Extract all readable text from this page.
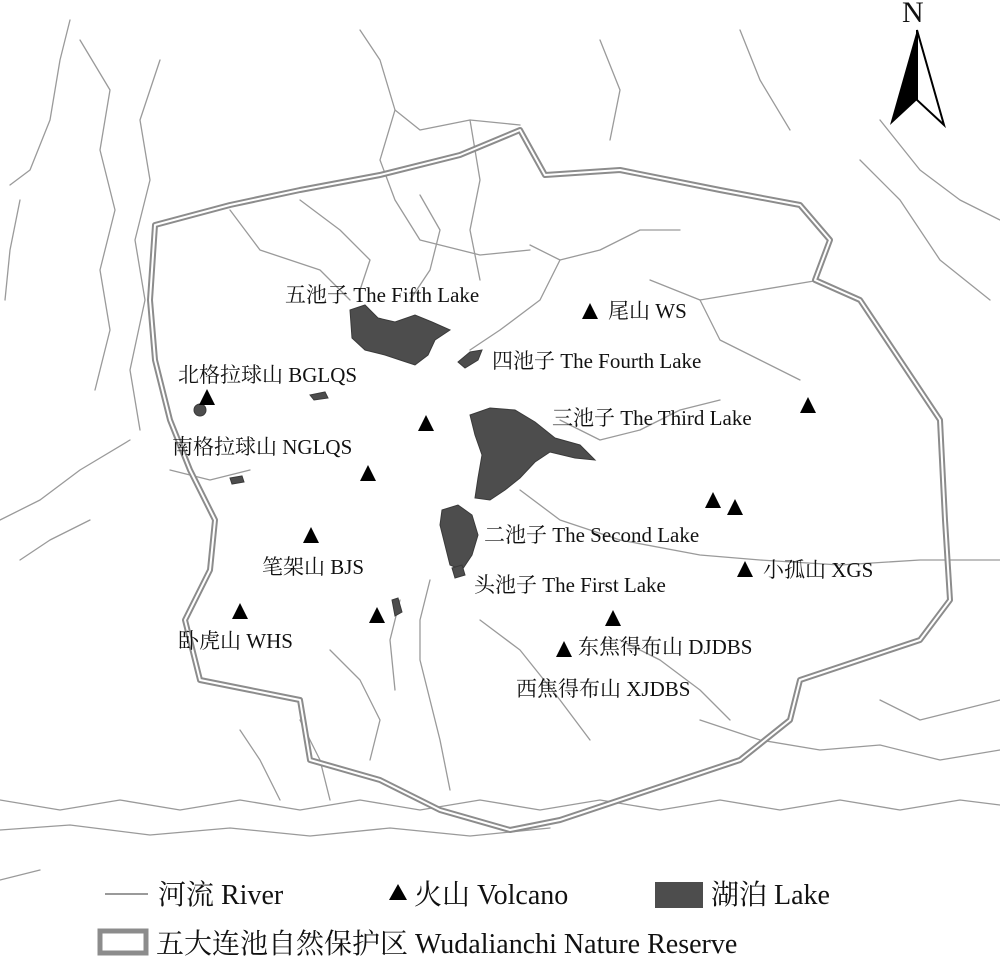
五池子 The Fifth Lake
尾山 WS
四池子 The Fourth Lake
北格拉球山 BGLQS
三池子 The Third Lake
南格拉球山 NGLQS
二池子 The Second Lake
笔架山 BJS	小孤山 XGS
头池子 The First Lake
卧虎山 WHS	东焦得布山 DJDBS
西焦得布山 XJDBS
N
河流 River	火山 Volcano	湖泊 Lake
五大连池自然保护区 Wudalianchi Nature Reserve
